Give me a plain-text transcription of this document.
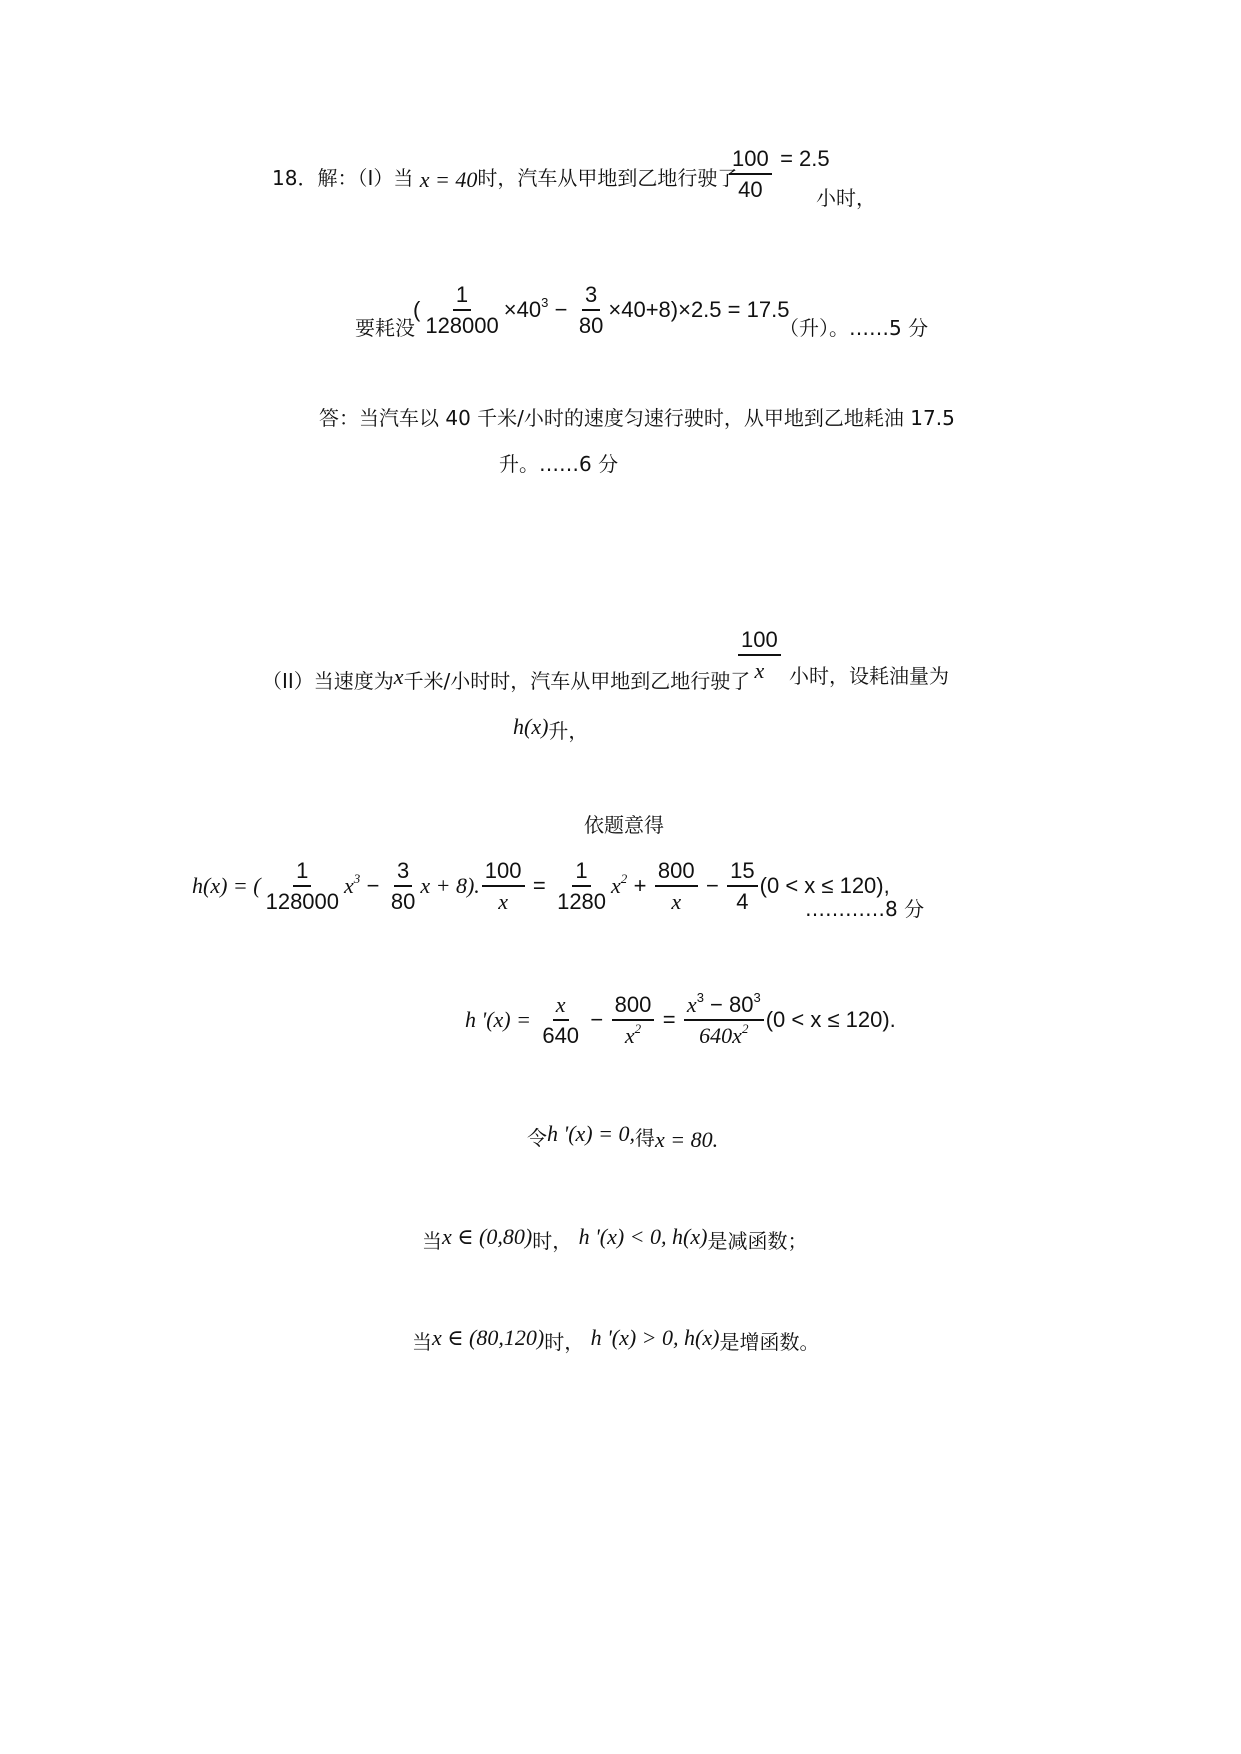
18．解：（I）当 x = 40时，汽车从甲地到乙地行驶了
$\frac{100}{40} = 2.5$
小时，
要耗没
( $\frac{1}{128000} \times 40^3 - \frac{3}{80} \times 40+8)\times 2.5 = 17.5$
（升）。……5 分
答：当汽车以 40 千米/小时的速度匀速行驶时，从甲地到乙地耗油 17.5
升。……6 分
（II）当速度为x千米/小时时，汽车从甲地到乙地行驶了
$\frac{100}{x}$ 小时，设耗油量为
h(x)升，
依题意得
h(x) = ( $\frac{1}{128000} x^3 - \frac{3}{80}$ x + 8). $\frac{100}{x} = \frac{1}{1280} x^2 + \frac{800}{x} - \frac{15}{4} (0 < x \le 120)$,
…………8 分
h '$(x) = \frac{x}{640} - \frac{800}{x^2} = \frac{x^3 - 80^3}{640x^2} (0 < x \le 120)$.
令h '(x) = 0,得x = 80.
当x ∈ (0,80)时， h '(x) < 0, h(x)是减函数；
当x ∈ (80,120)时， h '(x) > 0, h(x)是增函数。
